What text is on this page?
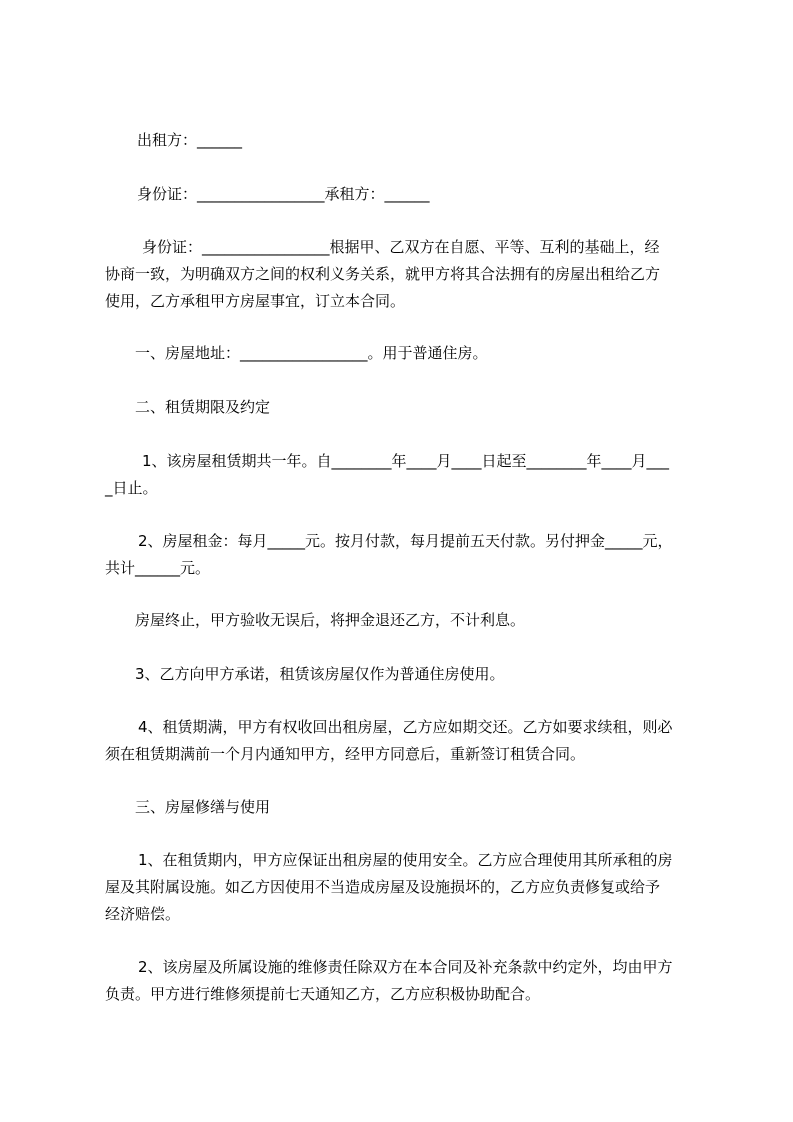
出租方：______
身份证：_________________承租方：______
身份证：_________________根据甲、乙双方在自愿、平等、互利的基础上，经
协商一致，为明确双方之间的权利义务关系，就甲方将其合法拥有的房屋出租给乙方
使用，乙方承租甲方房屋事宜，订立本合同。
一、房屋地址：_________________。用于普通住房。
二、租赁期限及约定
1、该房屋租赁期共一年。自________年____月____日起至________年____月___
_日止。
2、房屋租金：每月_____元。按月付款，每月提前五天付款。另付押金_____元，
共计______元。
房屋终止，甲方验收无误后，将押金退还乙方，不计利息。
3、乙方向甲方承诺，租赁该房屋仅作为普通住房使用。
4、租赁期满，甲方有权收回出租房屋，乙方应如期交还。乙方如要求续租，则必
须在租赁期满前一个月内通知甲方，经甲方同意后，重新签订租赁合同。
三、房屋修缮与使用
1、在租赁期内，甲方应保证出租房屋的使用安全。乙方应合理使用其所承租的房
屋及其附属设施。如乙方因使用不当造成房屋及设施损坏的，乙方应负责修复或给予
经济赔偿。
2、该房屋及所属设施的维修责任除双方在本合同及补充条款中约定外，均由甲方
负责。甲方进行维修须提前七天通知乙方，乙方应积极协助配合。
